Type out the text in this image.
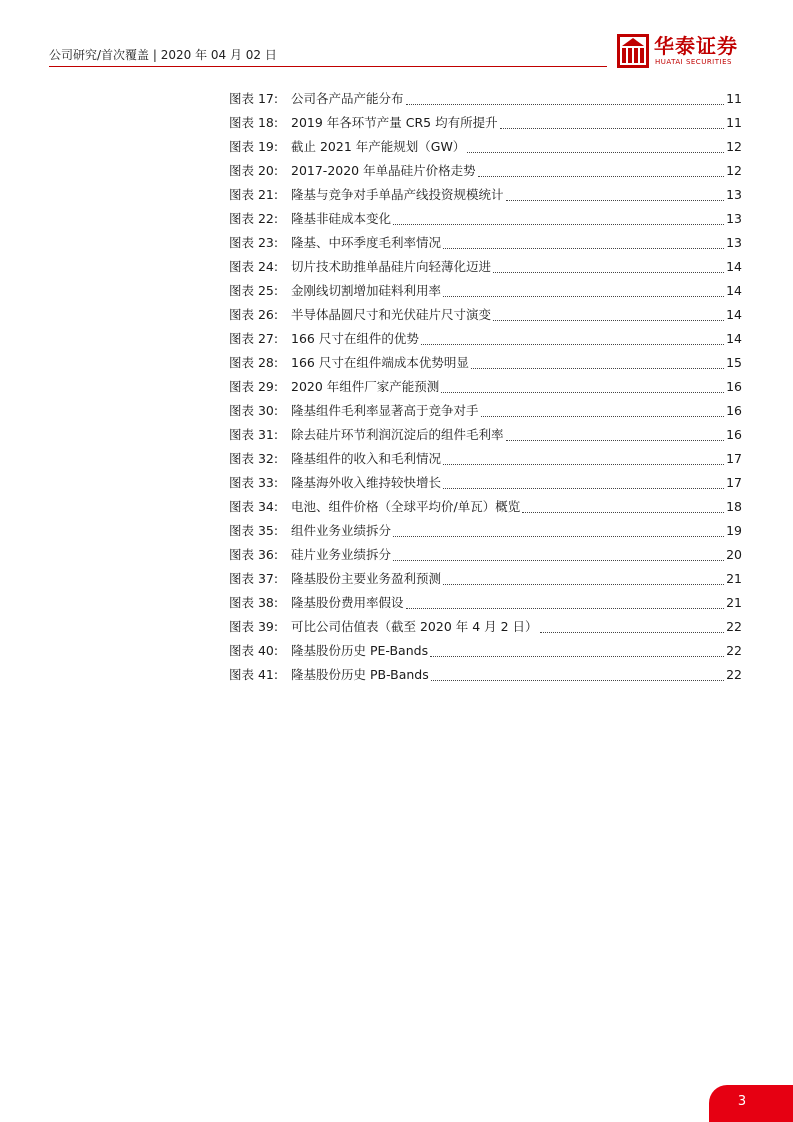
公司研究/首次覆盖 | 2020 年 04 月 02 日	华泰证券
HUATAI SECURITIES
图表 17:	公司各产品产能分布	11
图表 18:	2019 年各环节产量 CR5 均有所提升	11
图表 19:	截止 2021 年产能规划（GW）	12
图表 20:	2017-2020 年单晶硅片价格走势	12
图表 21:	隆基与竞争对手单晶产线投资规模统计	13
图表 22:	隆基非硅成本变化	13
图表 23:	隆基、中环季度毛利率情况	13
图表 24:	切片技术助推单晶硅片向轻薄化迈进	14
图表 25:	金刚线切割增加硅料利用率	14
图表 26:	半导体晶圆尺寸和光伏硅片尺寸演变	14
图表 27:	166 尺寸在组件的优势	14
图表 28:	166 尺寸在组件端成本优势明显	15
图表 29:	2020 年组件厂家产能预测	16
图表 30:	隆基组件毛利率显著高于竞争对手	16
图表 31:	除去硅片环节利润沉淀后的组件毛利率	16
图表 32:	隆基组件的收入和毛利情况	17
图表 33:	隆基海外收入维持较快增长	17
图表 34:	电池、组件价格（全球平均价/单瓦）概览	18
图表 35:	组件业务业绩拆分	19
图表 36:	硅片业务业绩拆分	20
图表 37:	隆基股份主要业务盈利预测	21
图表 38:	隆基股份费用率假设	21
图表 39:	可比公司估值表（截至 2020 年 4 月 2 日）	22
图表 40:	隆基股份历史 PE-Bands	22
图表 41:	隆基股份历史 PB-Bands	22
3
